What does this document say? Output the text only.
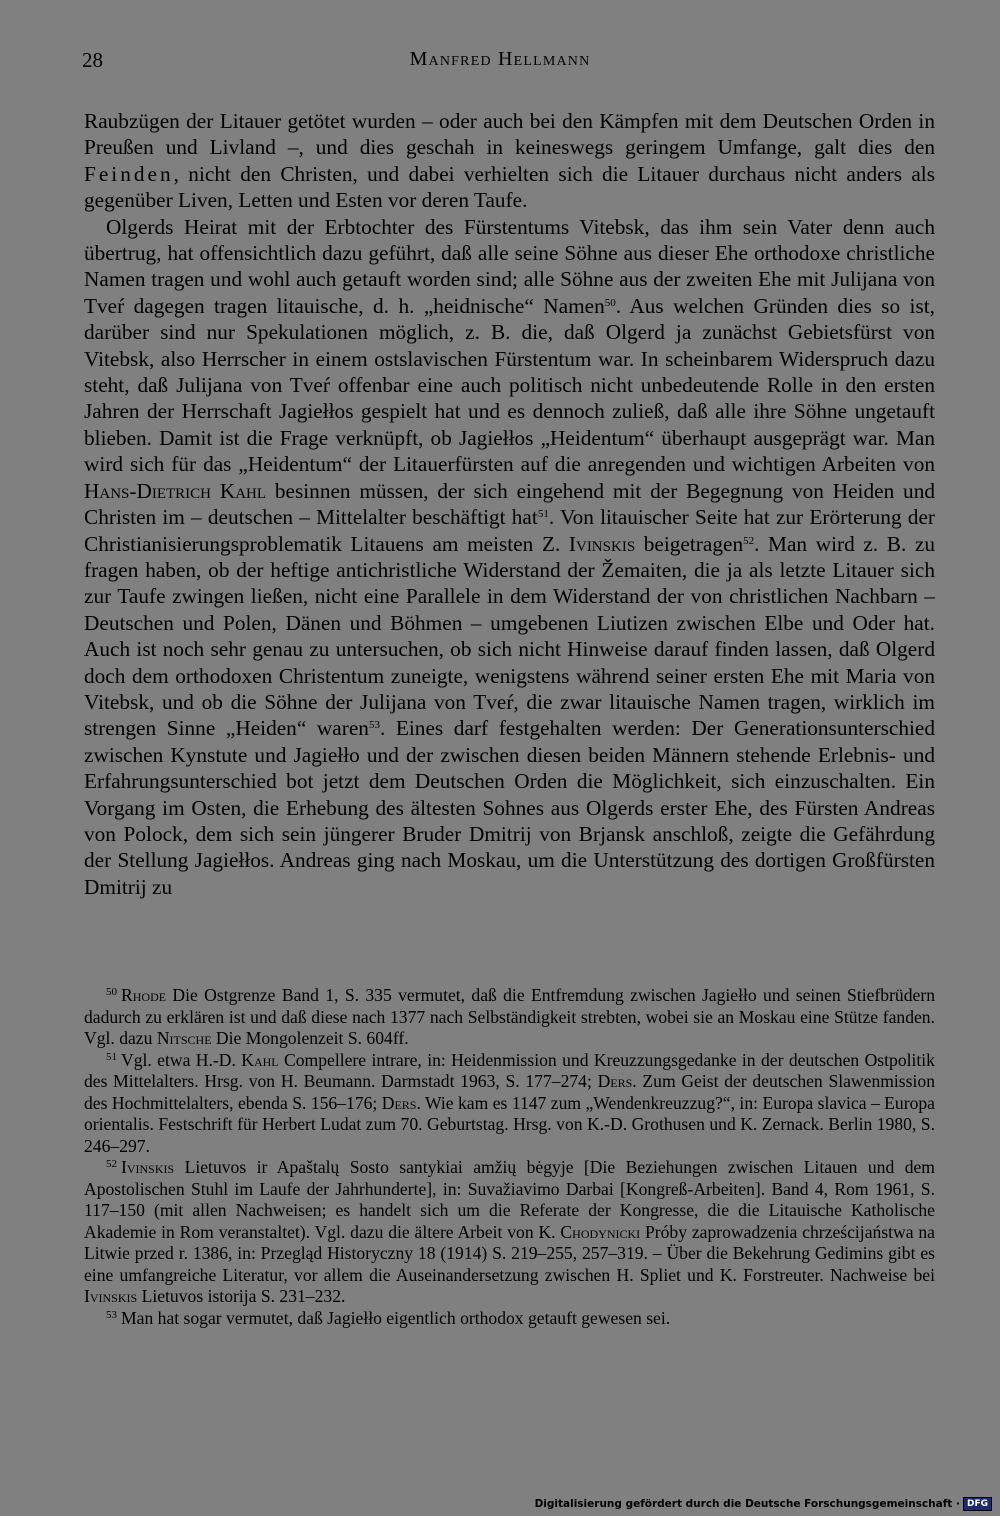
28	Manfred Hellmann

Raubzügen der Litauer getötet wurden – oder auch bei den Kämpfen mit dem Deutschen Orden in Preußen und Livland –, und dies geschah in keineswegs geringem Umfange, galt dies den Feinden, nicht den Christen, und dabei verhielten sich die Litauer durchaus nicht anders als gegenüber Liven, Letten und Esten vor deren Taufe.

Olgerds Heirat mit der Erbtochter des Fürstentums Vitebsk, das ihm sein Vater denn auch übertrug, hat offensichtlich dazu geführt, daß alle seine Söhne aus dieser Ehe orthodoxe christliche Namen tragen und wohl auch getauft worden sind; alle Söhne aus der zweiten Ehe mit Julijana von Tveŕ dagegen tragen litauische, d. h. „heidnische“ Namen$^{50}$. Aus welchen Gründen dies so ist, darüber sind nur Spekulationen möglich, z. B. die, daß Olgerd ja zunächst Gebietsfürst von Vitebsk, also Herrscher in einem ostslavischen Fürstentum war. In scheinbarem Widerspruch dazu steht, daß Julijana von Tveŕ offenbar eine auch politisch nicht unbedeutende Rolle in den ersten Jahren der Herrschaft Jagiełłos gespielt hat und es dennoch zuließ, daß alle ihre Söhne ungetauft blieben. Damit ist die Frage verknüpft, ob Jagiełłos „Heidentum“ überhaupt ausgeprägt war. Man wird sich für das „Heidentum“ der Litauerfürsten auf die anregenden und wichtigen Arbeiten von Hans-Dietrich Kahl besinnen müssen, der sich eingehend mit der Begegnung von Heiden und Christen im – deutschen – Mittelalter beschäftigt hat$^{51}$. Von litauischer Seite hat zur Erörterung der Christianisierungsproblematik Litauens am meisten Z. Ivinskis beigetragen$^{52}$. Man wird z. B. zu fragen haben, ob der heftige antichristliche Widerstand der Žemaiten, die ja als letzte Litauer sich zur Taufe zwingen ließen, nicht eine Parallele in dem Widerstand der von christlichen Nachbarn – Deutschen und Polen, Dänen und Böhmen – umgebenen Liutizen zwischen Elbe und Oder hat. Auch ist noch sehr genau zu untersuchen, ob sich nicht Hinweise darauf finden lassen, daß Olgerd doch dem orthodoxen Christentum zuneigte, wenigstens während seiner ersten Ehe mit Maria von Vitebsk, und ob die Söhne der Julijana von Tveŕ, die zwar litauische Namen tragen, wirklich im strengen Sinne „Heiden“ waren$^{53}$. Eines darf festgehalten werden: Der Generationsunterschied zwischen Kynstute und Jagiełło und der zwischen diesen beiden Männern stehende Erlebnis- und Erfahrungsunterschied bot jetzt dem Deutschen Orden die Möglichkeit, sich einzuschalten. Ein Vorgang im Osten, die Erhebung des ältesten Sohnes aus Olgerds erster Ehe, des Fürsten Andreas von Polock, dem sich sein jüngerer Bruder Dmitrij von Brjansk anschloß, zeigte die Gefährdung der Stellung Jagiełłos. Andreas ging nach Moskau, um die Unterstützung des dortigen Großfürsten Dmitrij zu

$^{50}$ Rhode Die Ostgrenze Band 1, S. 335 vermutet, daß die Entfremdung zwischen Jagiełło und seinen Stiefbrüdern dadurch zu erklären ist und daß diese nach 1377 nach Selbständigkeit strebten, wobei sie an Moskau eine Stütze fanden. Vgl. dazu Nitsche Die Mongolenzeit S. 604ff.

$^{51}$ Vgl. etwa H.-D. Kahl Compellere intrare, in: Heidenmission und Kreuzzungsgedanke in der deutschen Ostpolitik des Mittelalters. Hrsg. von H. Beumann. Darmstadt 1963, S. 177–274; Ders. Zum Geist der deutschen Slawenmission des Hochmittelalters, ebenda S. 156–176; Ders. Wie kam es 1147 zum „Wendenkreuzzug?“, in: Europa slavica – Europa orientalis. Festschrift für Herbert Ludat zum 70. Geburtstag. Hrsg. von K.-D. Grothusen und K. Zernack. Berlin 1980, S. 246–297.

$^{52}$ Ivinskis Lietuvos ir Apaštalų Sosto santykiai amžių bėgyje [Die Beziehungen zwischen Litauen und dem Apostolischen Stuhl im Laufe der Jahrhunderte], in: Suvažiavimo Darbai [Kongreß-Arbeiten]. Band 4, Rom 1961, S. 117–150 (mit allen Nachweisen; es handelt sich um die Referate der Kongresse, die die Litauische Katholische Akademie in Rom veranstaltet). Vgl. dazu die ältere Arbeit von K. Chodynicki Próby zaprowadzenia chrześcijaństwa na Litwie przed r. 1386, in: Przegląd Historyczny 18 (1914) S. 219–255, 257–319. – Über die Bekehrung Gedimins gibt es eine umfangreiche Literatur, vor allem die Auseinandersetzung zwischen H. Spliet und K. Forstreuter. Nachweise bei Ivinskis Lietuvos istorija S. 231–232.

$^{53}$ Man hat sogar vermutet, daß Jagiełło eigentlich orthodox getauft gewesen sei.

Digitalisierung gefördert durch die Deutsche Forschungsgemeinschaft · DFG
